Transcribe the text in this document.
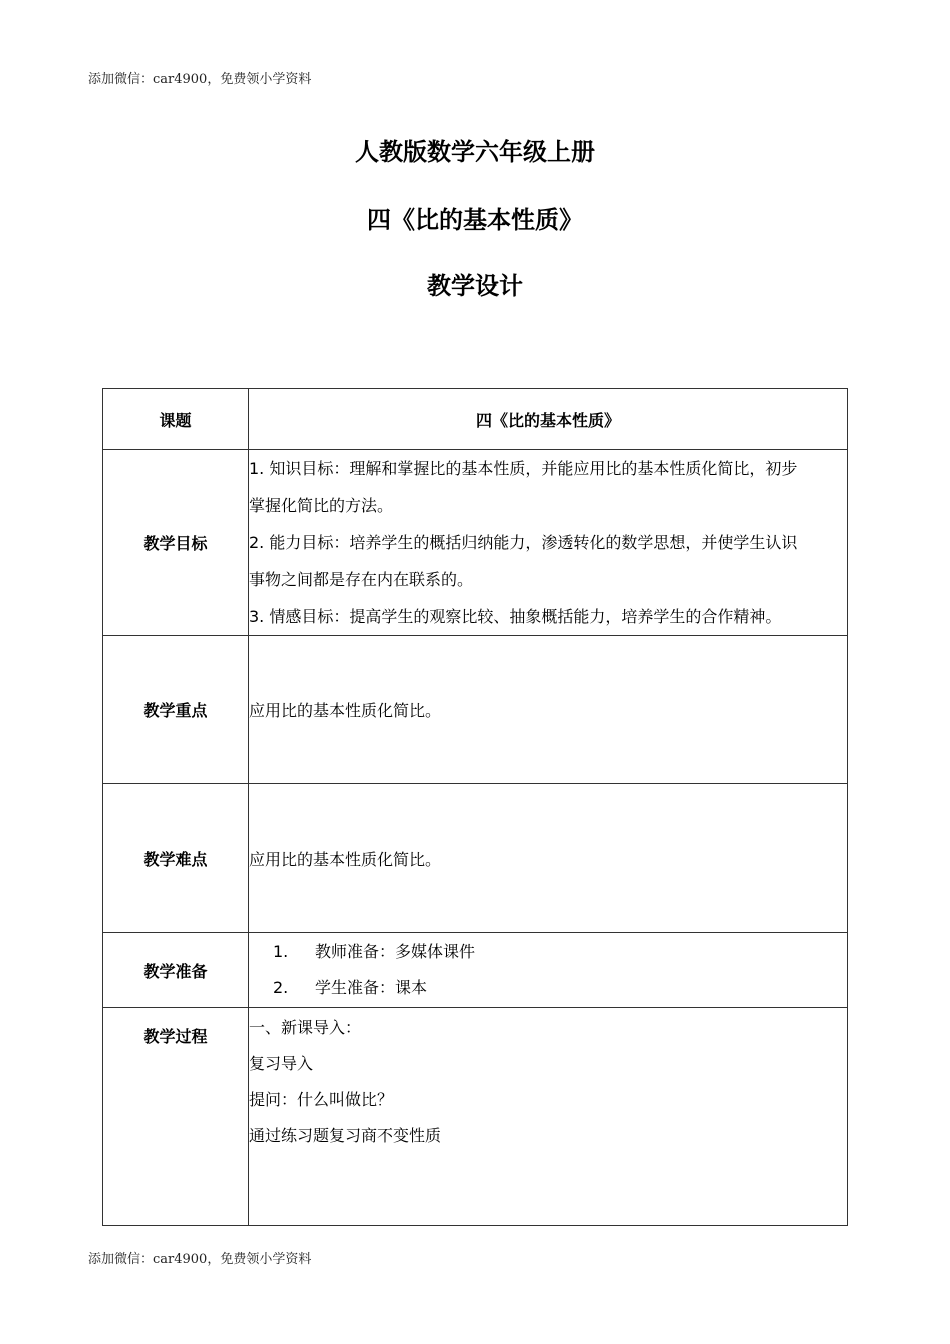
添加微信：car4900，免费领小学资料
人教版数学六年级上册
四《比的基本性质》
教学设计
课题	四《比的基本性质》
教学目标	1. 知识目标：理解和掌握比的基本性质，并能应用比的基本性质化简比，初步

掌握化简比的方法。

2. 能力目标：培养学生的概括归纳能力，渗透转化的数学思想，并使学生认识

事物之间都是存在内在联系的。

3. 情感目标：提高学生的观察比较、抽象概括能力，培养学生的合作精神。

教学重点	应用比的基本性质化简比。
教学难点	应用比的基本性质化简比。
教学准备	1. 教师准备：多媒体课件

2. 学生准备：课本

教学过程	一、新课导入：

复习导入

提问：什么叫做比？

通过练习题复习商不变性质

添加微信：car4900，免费领小学资料
